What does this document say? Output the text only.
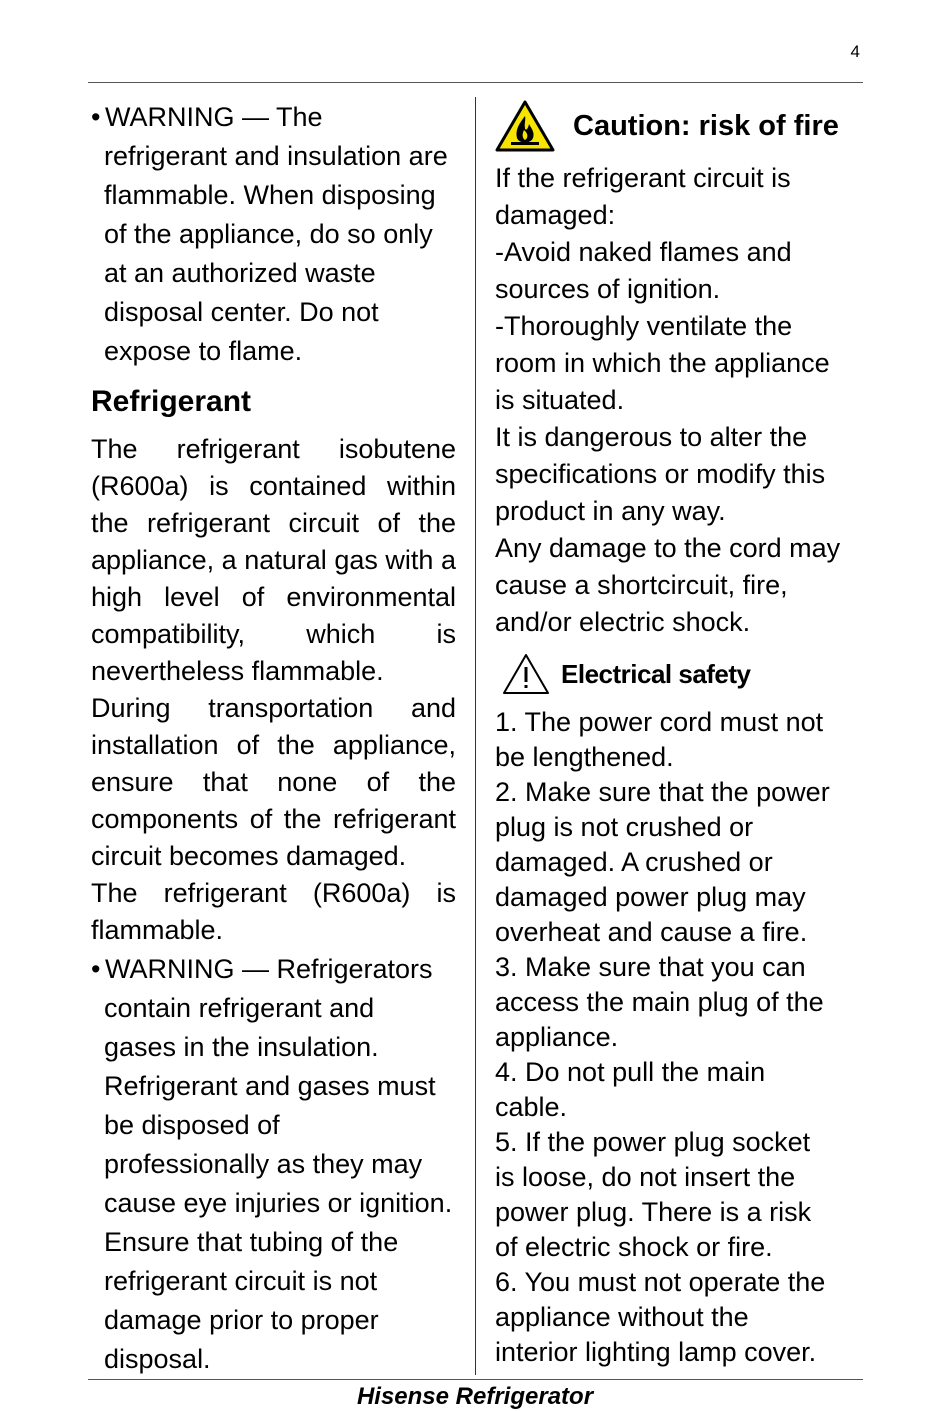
4
• WARNING — The
refrigerant and insulation are
flammable. When disposing
of the appliance, do so only
at an authorized waste
disposal center. Do not
expose to flame.
Refrigerant

The refrigerant isobutene (R600a) is contained within the refrigerant circuit of the appliance, a natural gas with a high level of environmental compatibility, which is nevertheless flammable.

During transportation and installation of the appliance, ensure that none of the components of the refrigerant circuit becomes damaged.

The refrigerant (R600a) is flammable.

• WARNING — Refrigerators
contain refrigerant and
gases in the insulation.
Refrigerant and gases must
be disposed of
professionally as they may
cause eye injuries or ignition.
Ensure that tubing of the
refrigerant circuit is not
damage prior to proper
disposal.
Caution: risk of fire
If the refrigerant circuit is
damaged:
-Avoid naked flames and
sources of ignition.
-Thoroughly ventilate the
room in which the appliance
is situated.
It is dangerous to alter the
specifications or modify this
product in any way.
Any damage to the cord may
cause a shortcircuit, fire,
and/or electric shock.
Electrical safety
1. The power cord must not
be lengthened.
2. Make sure that the power
plug is not crushed or
damaged. A crushed or
damaged power plug may
overheat and cause a fire.
3. Make sure that you can
access the main plug of the
appliance.
4. Do not pull the main
cable.
5. If the power plug socket
is loose, do not insert the
power plug. There is a risk
of electric shock or fire.
6. You must not operate the
appliance without the
interior lighting lamp cover.
Hisense Refrigerator
